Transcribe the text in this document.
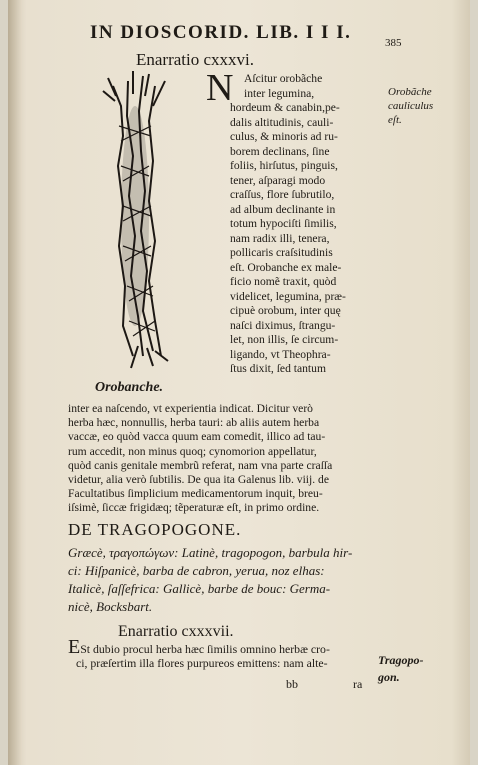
IN DIOSCORID. LIB. I I I.	385
Enarratio cxxxvi.
N Aſcitur orobãche
inter legumina,
hordeum & canabin,pe-
dalis altitudinis, cauli-
culus, & minoris ad ru-
borem declinans, ſine
foliis, hirſutus, pinguis,
tener, aſparagi modo
craſſus, flore ſubrutilo,
ad album declinante in
totum hypociſti ſimilis,
nam radix illi, tenera,
pollicaris craſsitudinis
eſt. Orobanche ex male-
ficio nomẽ traxit, quòd
videlicet, legumina, præ-
cipuè orobum, inter quę
naſci diximus, ſtrangu-
let, non illis, ſe circum-
ligando, vt Theophra-
ſtus dixit, ſed tantum
Orobãche
cauliculus
eſt.
Orobanche.
inter ea naſcendo, vt experientia indicat. Dicitur verò
herba hæc, nonnullis, herba tauri: ab aliis autem herba
vaccæ, eo quòd vacca quum eam comedit, illico ad tau-
rum accedit, non minus quoq; cynomorion appellatur,
quòd canis genitale membrũ referat, nam vna parte craſſa
videtur, alia verò ſubtilis. De qua ita Galenus lib. viij. de
Facultatibus ſimplicium medicamentorum inquit, breu-
iſsimè, ſiccæ frigidæq; tẽperaturæ eſt, in primo ordine.
DE TRAGOPOGONE.
Græcè, τραγοπώγων: Latinè, tragopogon, barbula hir-
ci: Hiſpanicè, barba de cabron, yerua, noz elhas:
Italicè, ſaſſefrica: Gallicè, barbe de bouc: Germa-
nicè, Bocksbart.
Enarratio cxxxvii.
ESt dubio procul herba hæc ſimilis omnino herbæ cro-
ci, præſertim illa flores purpureos emittens: nam alte-	Tragopo-
gon.
bb	ra
